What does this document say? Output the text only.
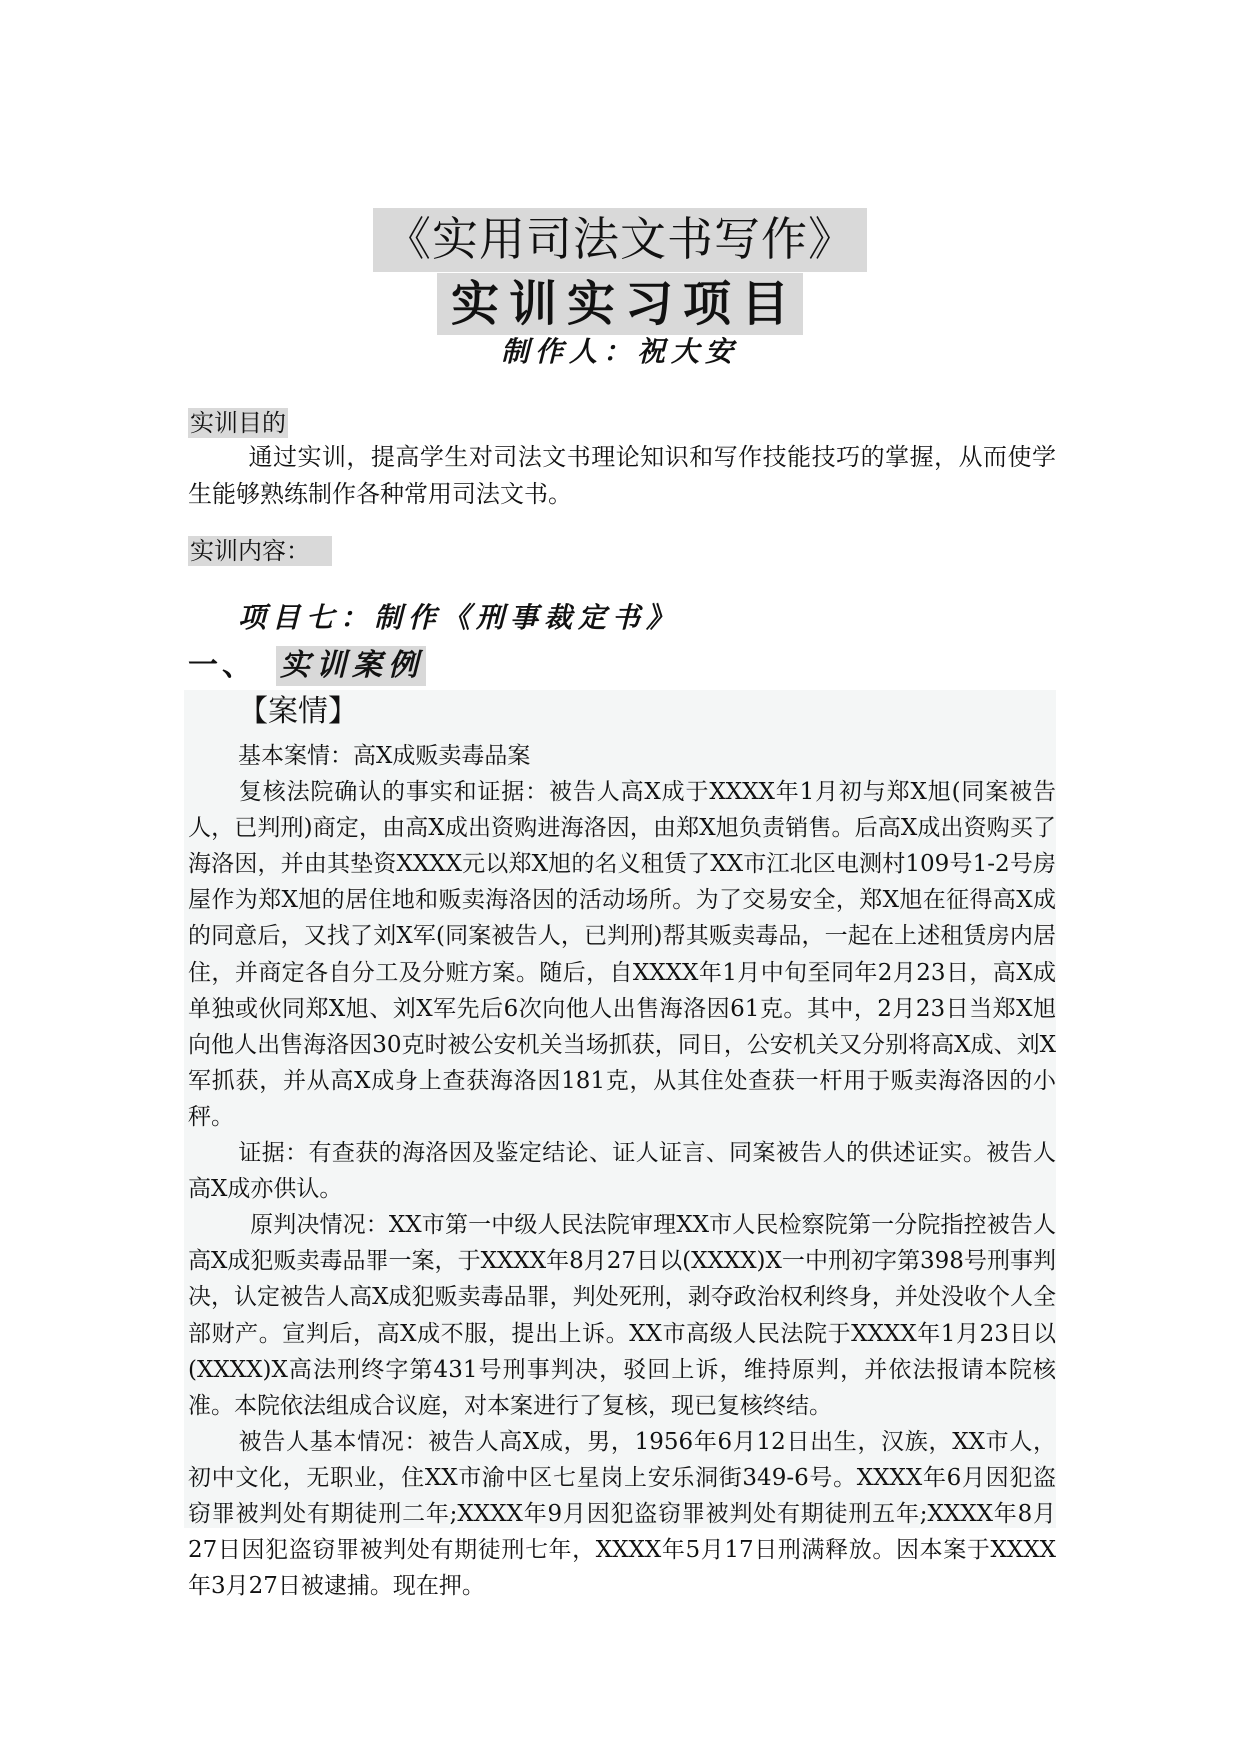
《实用司法文书写作》
实训实习项目
制作人：祝大安
实训目的
通过实训，提高学生对司法文书理论知识和写作技能技巧的掌握，从而使学生能够熟练制作各种常用司法文书。
实训内容：
项目七：制作《刑事裁定书》
一、 实训案例
【案情】
基本案情：高X成贩卖毒品案
复核法院确认的事实和证据：被告人高X成于XXXX年1月初与郑X旭(同案被告人，已判刑)商定，由高X成出资购进海洛因，由郑X旭负责销售。后高X成出资购买了海洛因，并由其垫资XXXX元以郑X旭的名义租赁了XX市江北区电测村109号1-2号房屋作为郑X旭的居住地和贩卖海洛因的活动场所。为了交易安全，郑X旭在征得高X成的同意后，又找了刘X军(同案被告人，已判刑)帮其贩卖毒品，一起在上述租赁房内居住，并商定各自分工及分赃方案。随后，自XXXX年1月中旬至同年2月23日，高X成单独或伙同郑X旭、刘X军先后6次向他人出售海洛因61克。其中，2月23日当郑X旭向他人出售海洛因30克时被公安机关当场抓获，同日，公安机关又分别将高X成、刘X军抓获，并从高X成身上查获海洛因181克，从其住处查获一杆用于贩卖海洛因的小秤。
证据：有查获的海洛因及鉴定结论、证人证言、同案被告人的供述证实。被告人高X成亦供认。
原判决情况：XX市第一中级人民法院审理XX市人民检察院第一分院指控被告人高X成犯贩卖毒品罪一案，于XXXX年8月27日以(XXXX)X一中刑初字第398号刑事判决，认定被告人高X成犯贩卖毒品罪，判处死刑，剥夺政治权利终身，并处没收个人全部财产。宣判后，高X成不服，提出上诉。XX市高级人民法院于XXXX年1月23日以(XXXX)X高法刑终字第431号刑事判决，驳回上诉，维持原判，并依法报请本院核准。本院依法组成合议庭，对本案进行了复核，现已复核终结。
被告人基本情况：被告人高X成，男，1956年6月12日出生，汉族，XX市人，初中文化，无职业，住XX市渝中区七星岗上安乐洞街349-6号。XXXX年6月因犯盗窃罪被判处有期徒刑二年;XXXX年9月因犯盗窃罪被判处有期徒刑五年;XXXX年8月27日因犯盗窃罪被判处有期徒刑七年，XXXX年5月17日刑满释放。因本案于XXXX年3月27日被逮捕。现在押。
